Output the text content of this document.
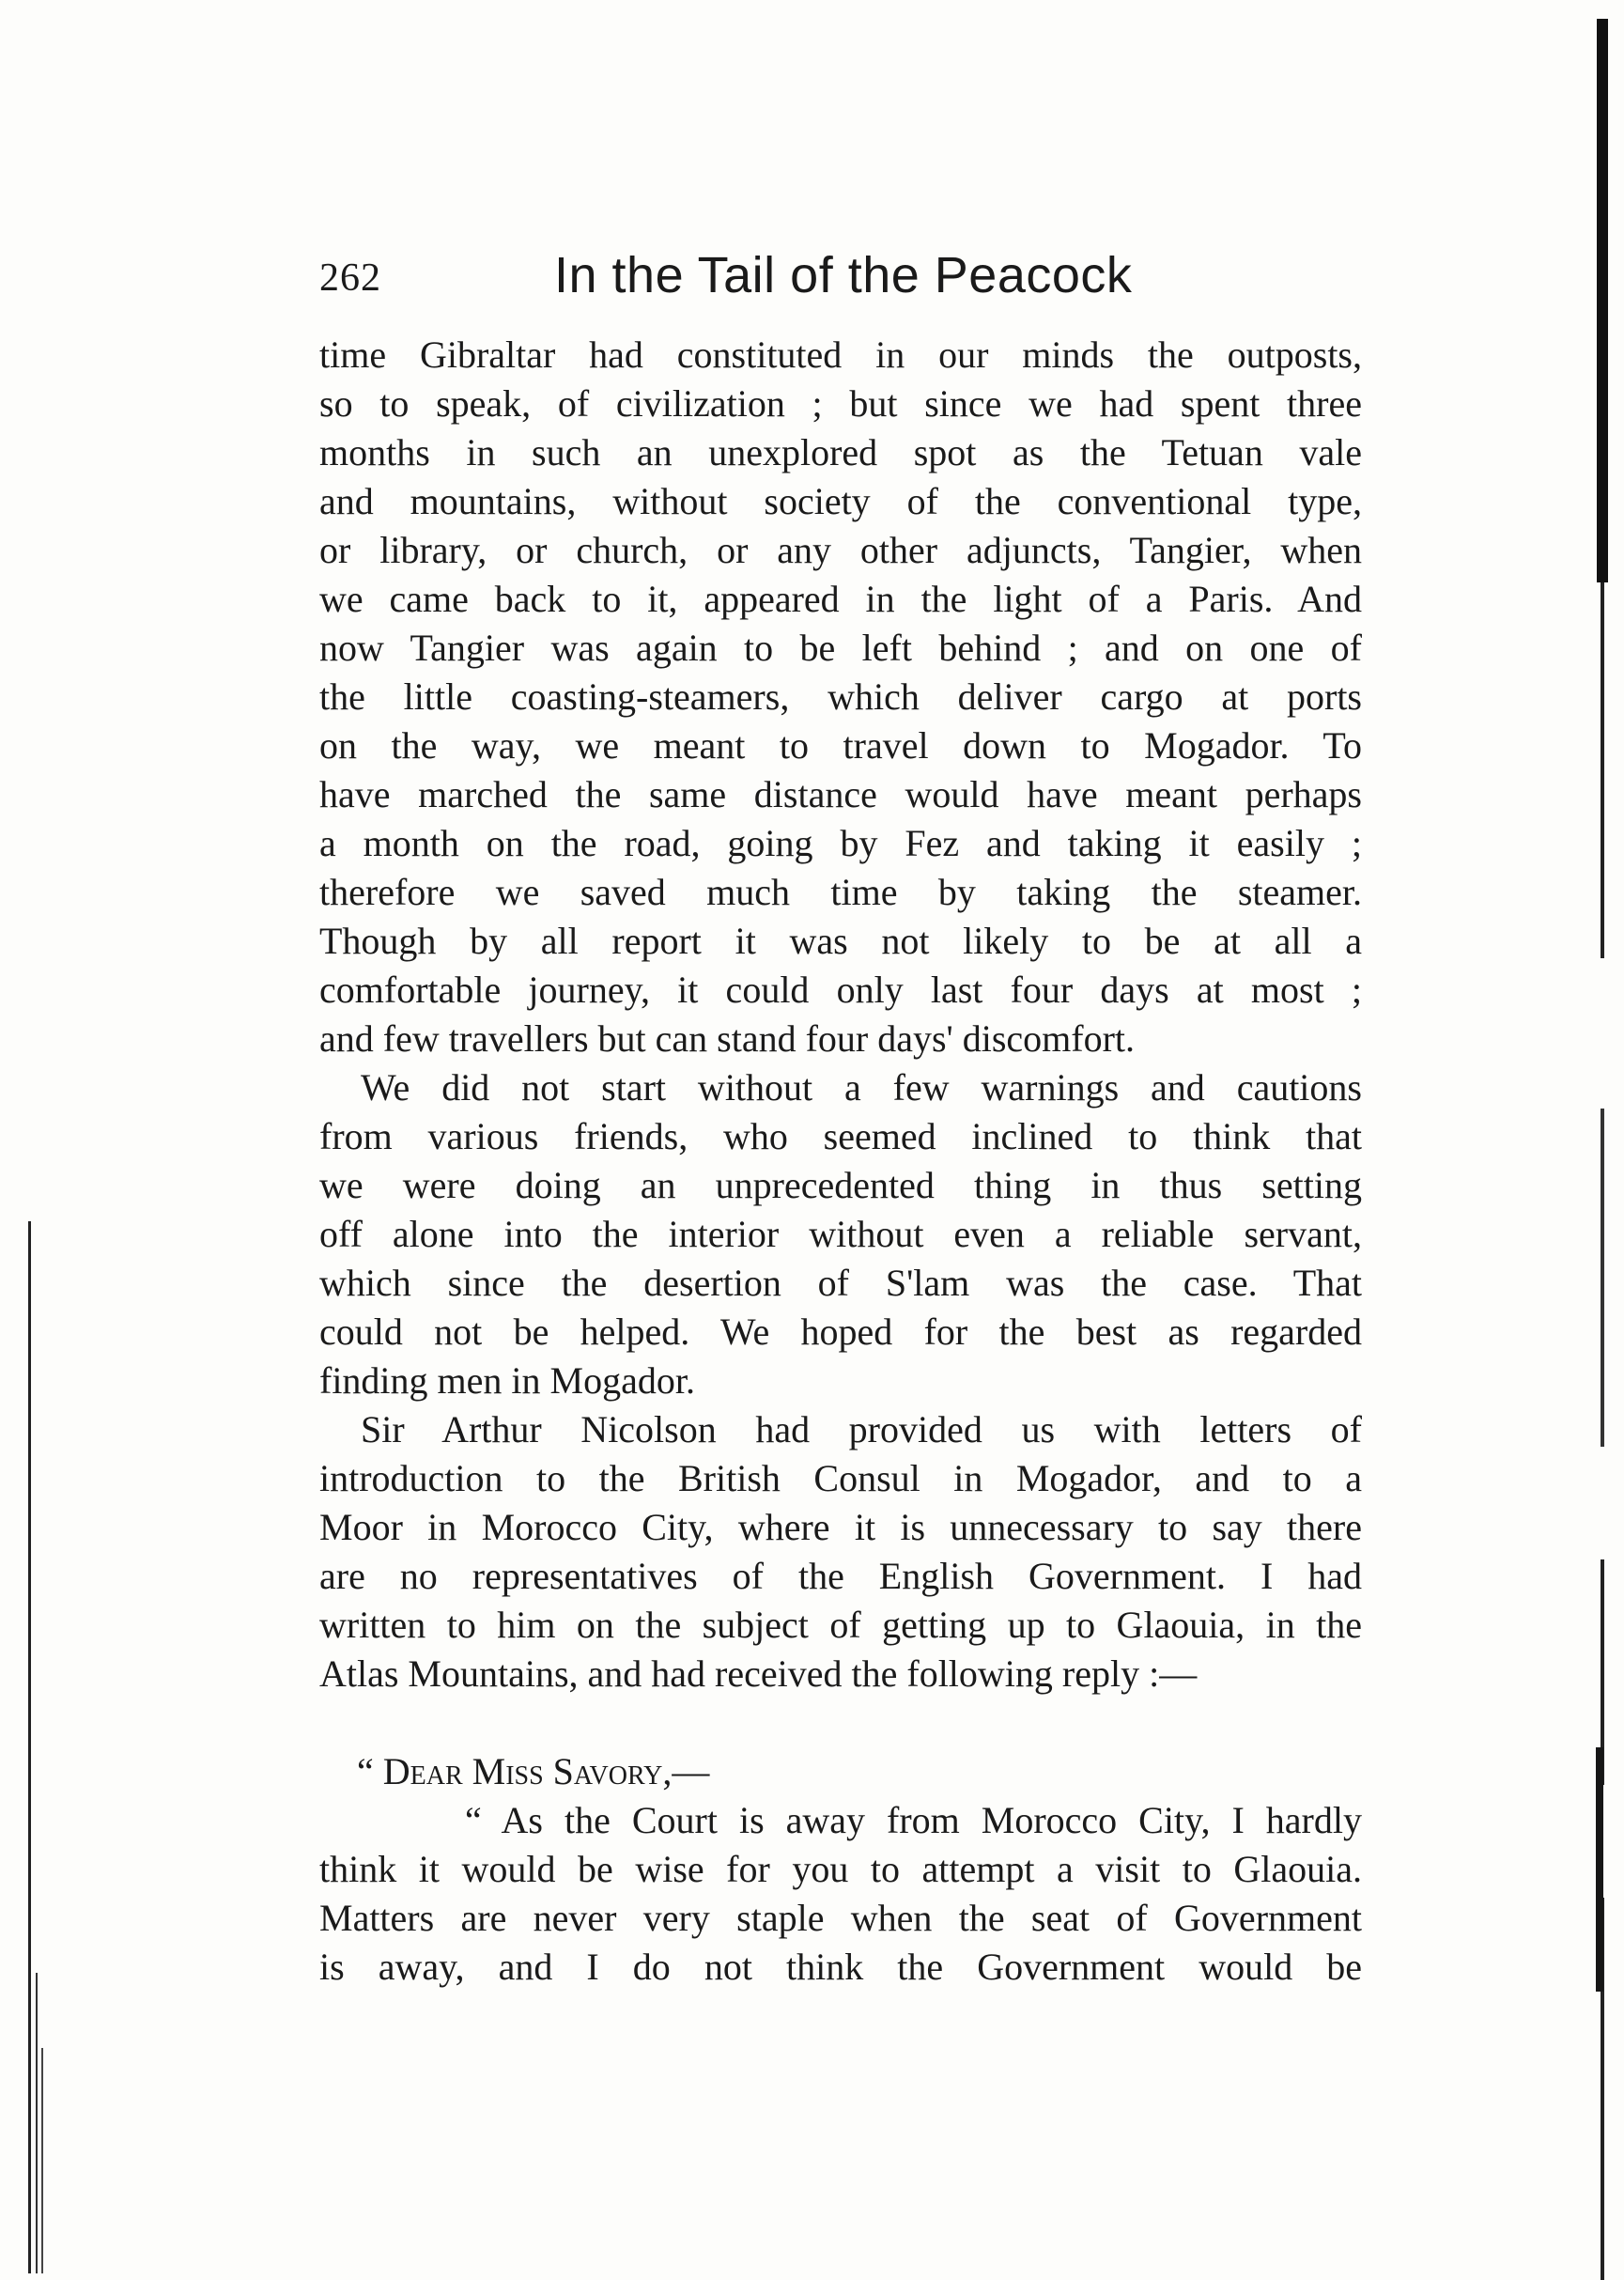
262	In the Tail of the Peacock
time Gibraltar had constituted in our minds the outposts,
so to speak, of civilization ; but since we had spent three
months in such an unexplored spot as the Tetuan vale
and mountains, without society of the conventional type,
or library, or church, or any other adjuncts, Tangier, when
we came back to it, appeared in the light of a Paris. And
now Tangier was again to be left behind ; and on one of
the little coasting-steamers, which deliver cargo at ports
on the way, we meant to travel down to Mogador. To
have marched the same distance would have meant perhaps
a month on the road, going by Fez and taking it easily ;
therefore we saved much time by taking the steamer.
Though by all report it was not likely to be at all a
comfortable journey, it could only last four days at most ;
and few travellers but can stand four days' discomfort.
We did not start without a few warnings and cautions
from various friends, who seemed inclined to think that
we were doing an unprecedented thing in thus setting
off alone into the interior without even a reliable servant,
which since the desertion of S'lam was the case. That
could not be helped. We hoped for the best as regarded
finding men in Mogador.
Sir Arthur Nicolson had provided us with letters of
introduction to the British Consul in Mogador, and to a
Moor in Morocco City, where it is unnecessary to say there
are no representatives of the English Government. I had
written to him on the subject of getting up to Glaouia, in the
Atlas Mountains, and had received the following reply :—
“ Dear Miss Savory,—
“ As the Court is away from Morocco City, I hardly
think it would be wise for you to attempt a visit to Glaouia.
Matters are never very staple when the seat of Government
is away, and I do not think the Government would be
